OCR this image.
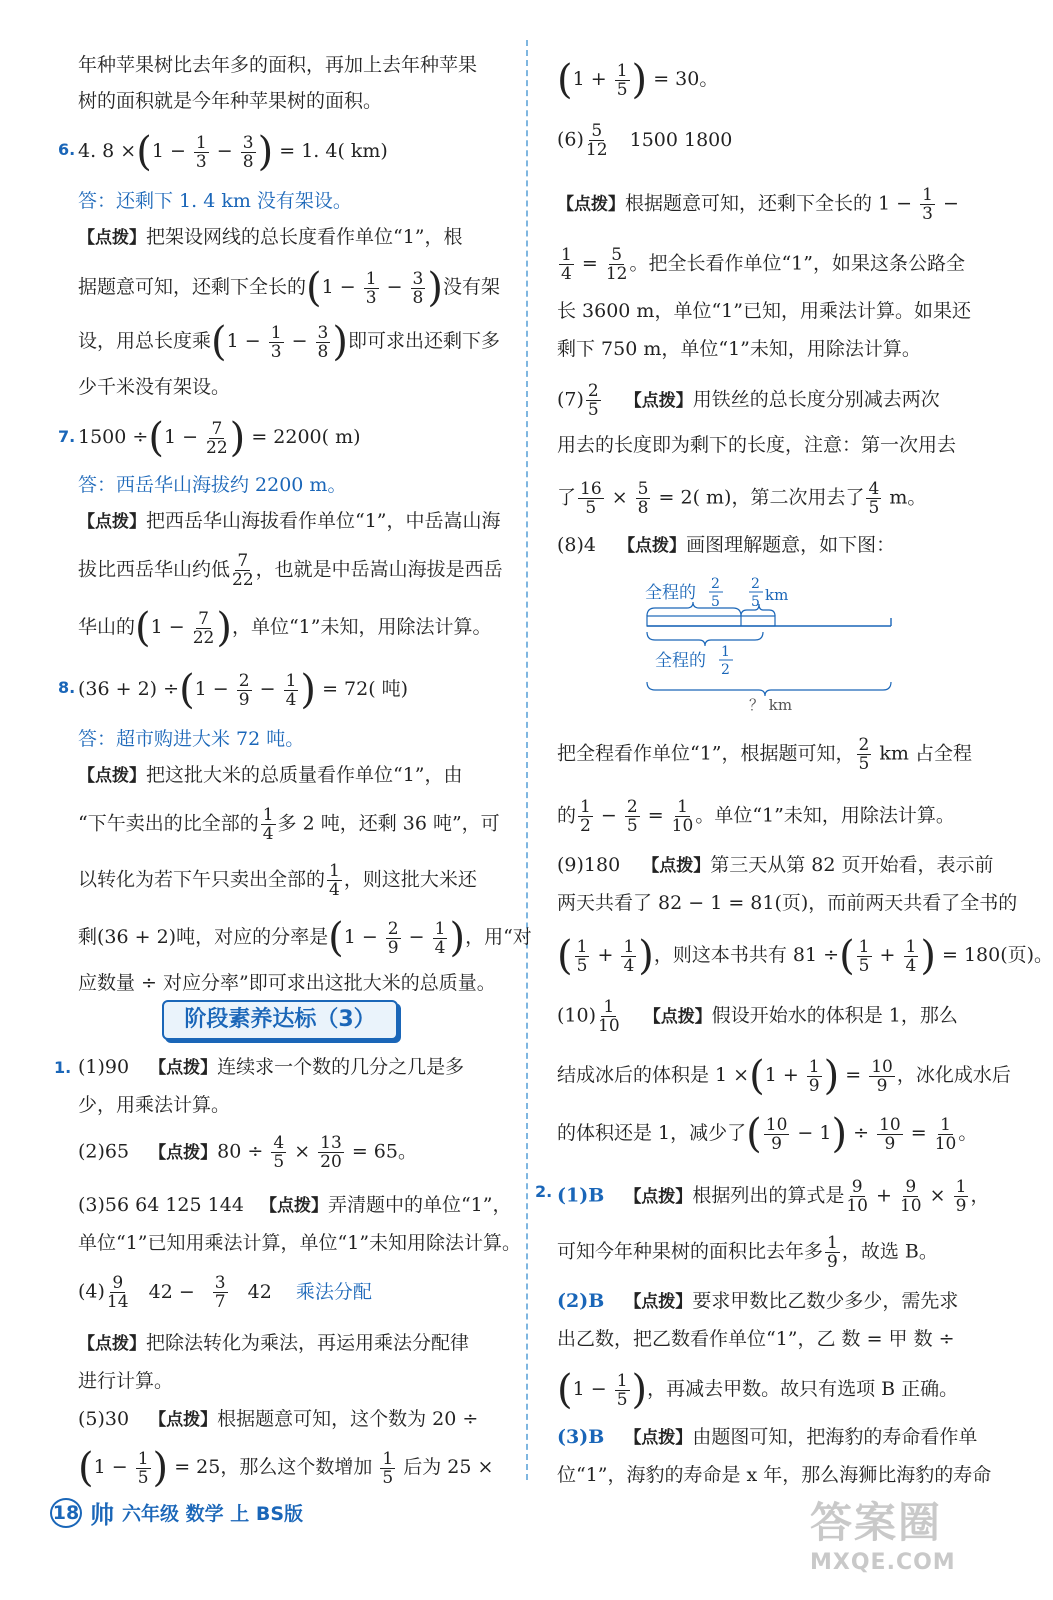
年种苹果树比去年多的面积，再加上去年种苹果
树的面积就是今年种苹果树的面积。
6. 4. $8 \times(1 - \frac{1}{3} - \frac{3}{8}$ ) = 1. 4( km)
答：还剩下 1. 4 km 没有架设。
【点拨】把架设网线的总长度看作单位“1”，根
据题意可知，还剩下全长的($1 - \frac{1}{3} - \frac{3}{8}$ )没有架
设，用总长度乘($1 - \frac{1}{3} - \frac{3}{8}$ )即可求出还剩下多
少千米没有架设。
7. $1500 \div(1 - \frac{7}{22}$ ) = 2200( m)
答：西岳华山海拔约 2200 m。
【点拨】把西岳华山海拔看作单位“1”，中岳嵩山海
拔比西岳华山约低 $\frac{7}{22}$ ，也就是中岳嵩山海拔是西岳
华山的($1 - \frac{7}{22}$ )，单位“1”未知，用除法计算。
8. $(36 + 2) \div(1 - \frac{2}{9} - \frac{1}{4}$ ) = 72( 吨)
答：超市购进大米 72 吨。
【点拨】把这批大米的总质量看作单位“1”，由
“下午卖出的比全部的 $\frac{1}{4}$ 多 2 吨，还剩 36 吨”，可
以转化为若下午只卖出全部的 $\frac{1}{4}$ ，则这批大米还
剩(36 + 2)吨，对应的分率是($1 - \frac{2}{9} - \frac{1}{4}$ )，用“对
应数量 ÷ 对应分率”即可求出这批大米的总质量。
阶段素养达标（3）
1. (1)90 【点拨】连续求一个数的几分之几是多
少，用乘法计算。
(2)65 【点拨】$80 \div \frac{4}{5} \times \frac{13}{20} = 65$。
(3)56 64 125 144 【点拨】弄清题中的单位“1”，
单位“1”已知用乘法计算，单位“1”未知用除法计算。
$(4) \frac{9}{14} 42 - \frac{3}{7} 42$ 乘法分配
【点拨】把除法转化为乘法，再运用乘法分配律
进行计算。
(5)30 【点拨】根据题意可知，这个数为 20 ÷
($1 - \frac{1}{5}$ ) = 25，那么这个数增加 $\frac{1}{5}$ 后为 25 ×
($1 + \frac{1}{5}$ ) = 30。
$(6) \frac{5}{12} 1500$ 1800
【点拨】根据题意可知，还剩下全长的 $1 - \frac{1}{3}$ −
$\frac{1}{4} = \frac{5}{12}$ 。把全长看作单位“1”，如果这条公路全
长 3600 m，单位“1”已知，用乘法计算。如果还
剩下 750 m，单位“1”未知，用除法计算。
$(7) \frac{2}{5}$ 【点拨】用铁丝的总长度分别减去两次
用去的长度即为剩下的长度，注意：第一次用去
了 $\frac{16}{5} \times \frac{5}{8} = 2$( m)，第二次用去了 $\frac{4}{5}$ m。
(8)4 【点拨】画图理解题意，如下图：
全程的 2
5
2
5 km
全程的 1
2
？ km
把全程看作单位“1”，根据题可知， $\frac{2}{5}$ km 占全程
的 $\frac{1}{2} - \frac{2}{5} = \frac{1}{10}$ 。单位“1”未知，用除法计算。
(9)180 【点拨】第三天从第 82 页开始看，表示前
两天共看了 82 − 1 = 81(页)，而前两天共看了全书的
( $\frac{1}{5} + \frac{1}{4}$ )，则这本书共有 81 ÷( $\frac{1}{5} + \frac{1}{4}$ ) = 180(页)。
$(10) \frac{1}{10}$ 【点拨】假设开始水的体积是 1，那么
结成冰后的体积是 $1 \times(1 + \frac{1}{9}$ ) = $\frac{10}{9}$ ，冰化成水后
的体积还是 1，减少了( $\frac{10}{9} - 1) \div \frac{10}{9} = \frac{1}{10}$ 。
2. (1)B 【点拨】根据列出的算式是 $\frac{9}{10} + \frac{9}{10} \times \frac{1}{9}$ ，
可知今年种果树的面积比去年多 $\frac{1}{9}$ ，故选 B。
(2)B 【点拨】要求甲数比乙数少多少，需先求
出乙数，把乙数看作单位“1”，乙 数 = 甲 数 ÷
($1 - \frac{1}{5}$ )，再减去甲数。故只有选项 B 正确。
(3)B 【点拨】由题图可知，把海豹的寿命看作单
位“1”，海豹的寿命是 x 年，那么海狮比海豹的寿命
18 帅 六年级 数学 上 BS版	答案圈
MXQE.COM
